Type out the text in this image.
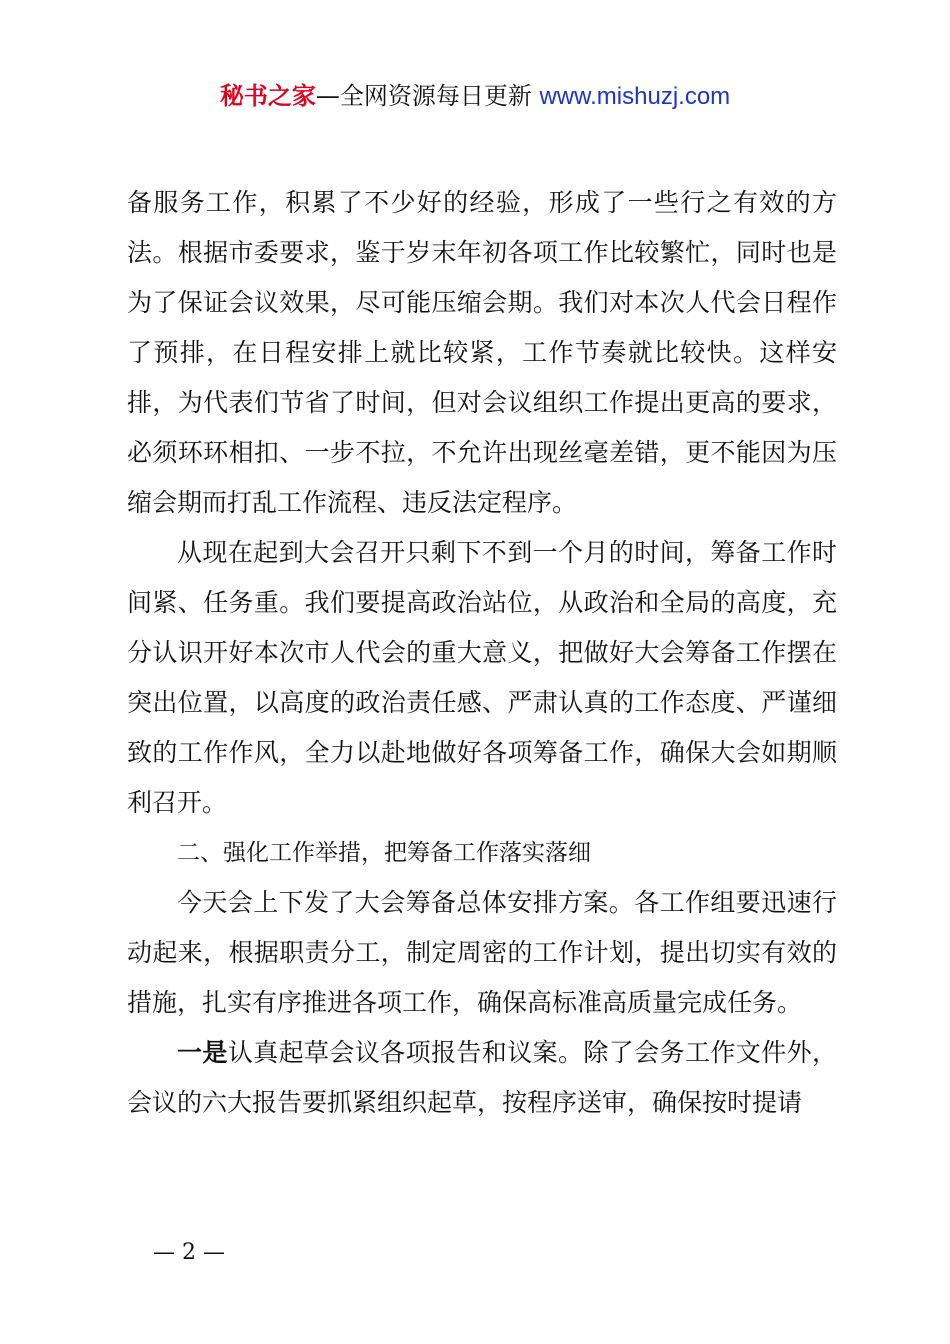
秘书之家—全网资源每日更新 www.mishuzj.com

备服务工作，积累了不少好的经验，形成了一些行之有效的方法。根据市委要求，鉴于岁末年初各项工作比较繁忙，同时也是为了保证会议效果，尽可能压缩会期。我们对本次人代会日程作了预排，在日程安排上就比较紧，工作节奏就比较快。这样安排，为代表们节省了时间，但对会议组织工作提出更高的要求，必须环环相扣、一步不拉，不允许出现丝毫差错，更不能因为压缩会期而打乱工作流程、违反法定程序。

从现在起到大会召开只剩下不到一个月的时间，筹备工作时间紧、任务重。我们要提高政治站位，从政治和全局的高度，充分认识开好本次市人代会的重大意义，把做好大会筹备工作摆在突出位置，以高度的政治责任感、严肃认真的工作态度、严谨细致的工作作风，全力以赴地做好各项筹备工作，确保大会如期顺利召开。

二、强化工作举措，把筹备工作落实落细

今天会上下发了大会筹备总体安排方案。各工作组要迅速行动起来，根据职责分工，制定周密的工作计划，提出切实有效的措施，扎实有序推进各项工作，确保高标准高质量完成任务。

一是认真起草会议各项报告和议案。除了会务工作文件外，会议的六大报告要抓紧组织起草，按程序送审，确保按时提请

— 2 —
